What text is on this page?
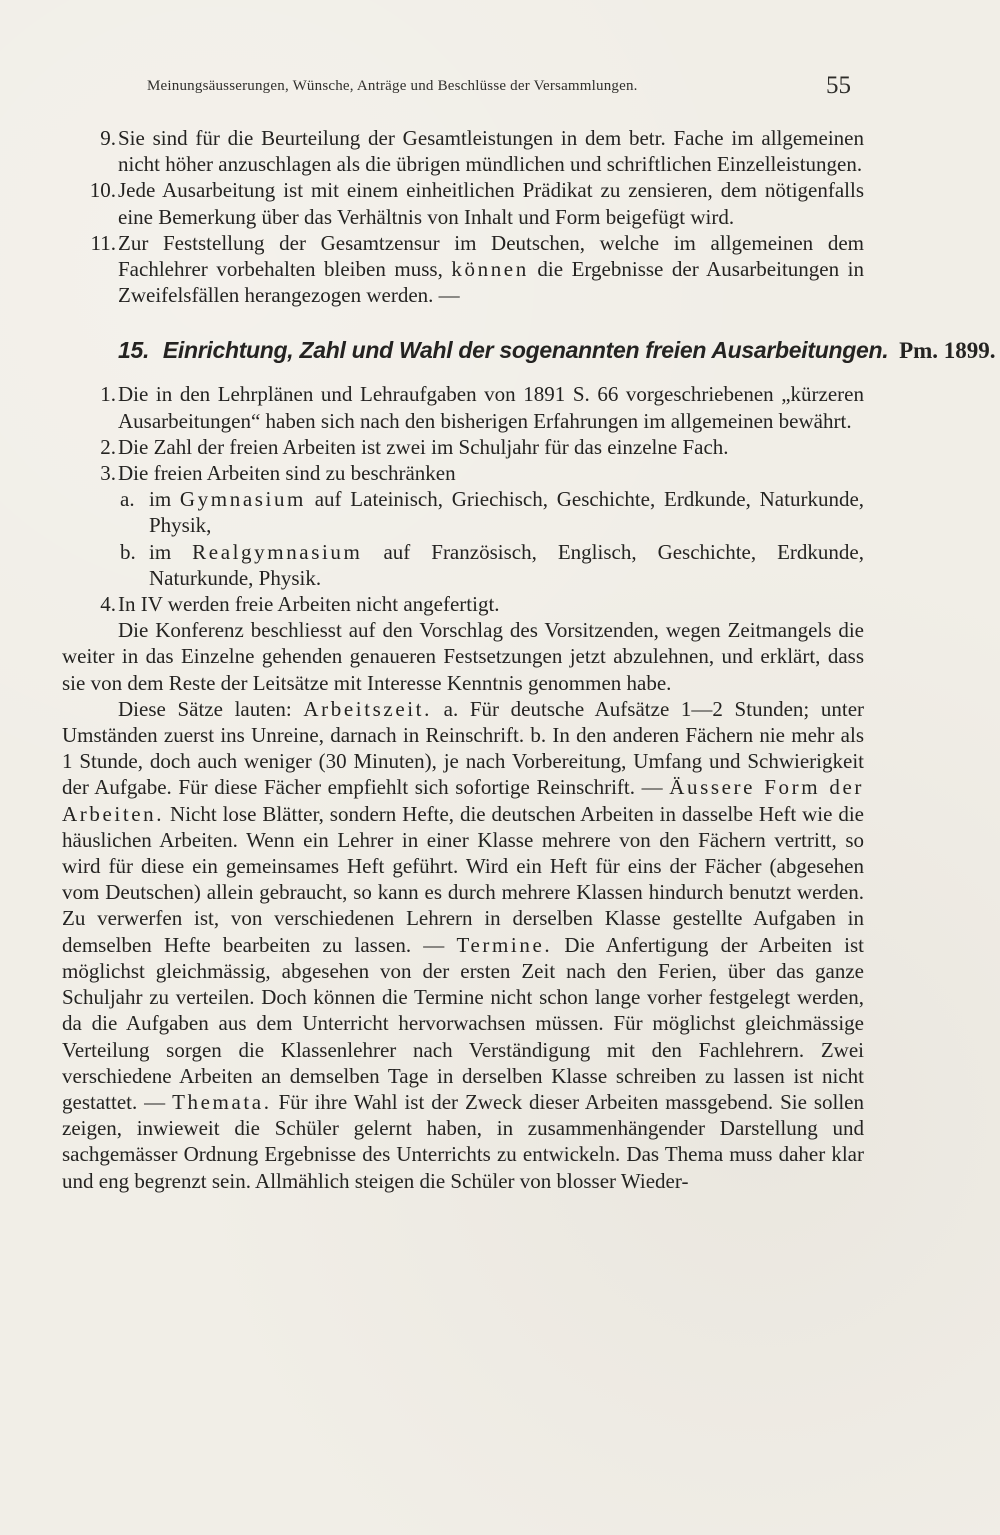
Meinungsäusserungen, Wünsche, Anträge und Beschlüsse der Versammlungen.	55
9. Sie sind für die Beurteilung der Gesamtleistungen in dem betr. Fache im allgemeinen nicht höher anzuschlagen als die übrigen mündlichen und schriftlichen Einzelleistungen.
10. Jede Ausarbeitung ist mit einem einheitlichen Prädikat zu zensieren, dem nötigenfalls eine Bemerkung über das Verhältnis von Inhalt und Form beigefügt wird.
11. Zur Feststellung der Gesamtzensur im Deutschen, welche im allgemeinen dem Fachlehrer vorbehalten bleiben muss, können die Ergebnisse der Ausarbeitungen in Zweifelsfällen herangezogen werden. —
15. Einrichtung, Zahl und Wahl der sogenannten freien Ausarbeitungen. Pm. 1899.
1. Die in den Lehrplänen und Lehraufgaben von 1891 S. 66 vorgeschriebenen „kürzeren Ausarbeitungen“ haben sich nach den bisherigen Erfahrungen im allgemeinen bewährt.
2. Die Zahl der freien Arbeiten ist zwei im Schuljahr für das einzelne Fach.
3. Die freien Arbeiten sind zu beschränken
a. im Gymnasium auf Lateinisch, Griechisch, Geschichte, Erdkunde, Naturkunde, Physik,
b. im Realgymnasium auf Französisch, Englisch, Geschichte, Erdkunde, Naturkunde, Physik.
4. In IV werden freie Arbeiten nicht angefertigt.

Die Konferenz beschliesst auf den Vorschlag des Vorsitzenden, wegen Zeitmangels die weiter in das Einzelne gehenden genaueren Festsetzungen jetzt abzulehnen, und erklärt, dass sie von dem Reste der Leitsätze mit Interesse Kenntnis genommen habe.

Diese Sätze lauten: Arbeitszeit. a. Für deutsche Aufsätze 1—2 Stunden; unter Umständen zuerst ins Unreine, darnach in Reinschrift. b. In den anderen Fächern nie mehr als 1 Stunde, doch auch weniger (30 Minuten), je nach Vorbereitung, Umfang und Schwierigkeit der Aufgabe. Für diese Fächer empfiehlt sich sofortige Reinschrift. — Äussere Form der Arbeiten. Nicht lose Blätter, sondern Hefte, die deutschen Arbeiten in dasselbe Heft wie die häuslichen Arbeiten. Wenn ein Lehrer in einer Klasse mehrere von den Fächern vertritt, so wird für diese ein gemeinsames Heft geführt. Wird ein Heft für eins der Fächer (abgesehen vom Deutschen) allein gebraucht, so kann es durch mehrere Klassen hindurch benutzt werden. Zu verwerfen ist, von verschiedenen Lehrern in derselben Klasse gestellte Aufgaben in demselben Hefte bearbeiten zu lassen. — Termine. Die Anfertigung der Arbeiten ist möglichst gleichmässig, abgesehen von der ersten Zeit nach den Ferien, über das ganze Schuljahr zu verteilen. Doch können die Termine nicht schon lange vorher festgelegt werden, da die Aufgaben aus dem Unterricht hervorwachsen müssen. Für möglichst gleichmässige Verteilung sorgen die Klassenlehrer nach Verständigung mit den Fachlehrern. Zwei verschiedene Arbeiten an demselben Tage in derselben Klasse schreiben zu lassen ist nicht gestattet. — Themata. Für ihre Wahl ist der Zweck dieser Arbeiten massgebend. Sie sollen zeigen, inwieweit die Schüler gelernt haben, in zusammenhängender Darstellung und sachgemässer Ordnung Ergebnisse des Unterrichts zu entwickeln. Das Thema muss daher klar und eng begrenzt sein. Allmählich steigen die Schüler von blosser Wieder-
